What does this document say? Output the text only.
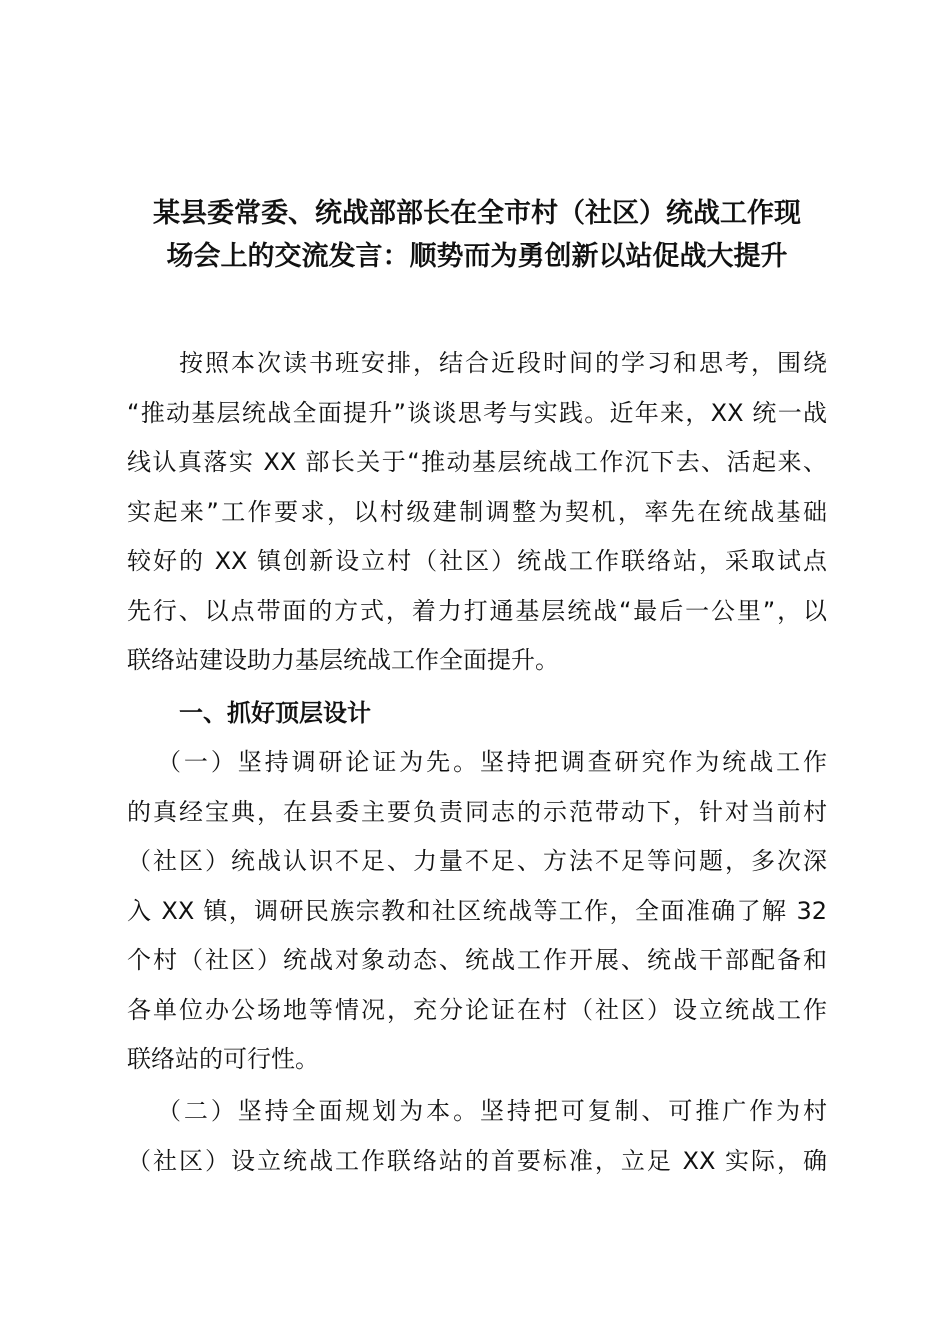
某县委常委、统战部部长在全市村（社区）统战工作现
场会上的交流发言：顺势而为勇创新以站促战大提升
按照本次读书班安排，结合近段时间的学习和思考，围绕
“推动基层统战全面提升”谈谈思考与实践。近年来，XX 统一战
线认真落实 XX 部长关于“推动基层统战工作沉下去、活起来、
实起来”工作要求，以村级建制调整为契机，率先在统战基础
较好的 XX 镇创新设立村（社区）统战工作联络站，采取试点
先行、以点带面的方式，着力打通基层统战“最后一公里”，以
联络站建设助力基层统战工作全面提升。
一、抓好顶层设计
（一）坚持调研论证为先。坚持把调查研究作为统战工作
的真经宝典，在县委主要负责同志的示范带动下，针对当前村
（社区）统战认识不足、力量不足、方法不足等问题，多次深
入 XX 镇，调研民族宗教和社区统战等工作，全面准确了解 32
个村（社区）统战对象动态、统战工作开展、统战干部配备和
各单位办公场地等情况，充分论证在村（社区）设立统战工作
联络站的可行性。
（二）坚持全面规划为本。坚持把可复制、可推广作为村
（社区）设立统战工作联络站的首要标准，立足 XX 实际，确
